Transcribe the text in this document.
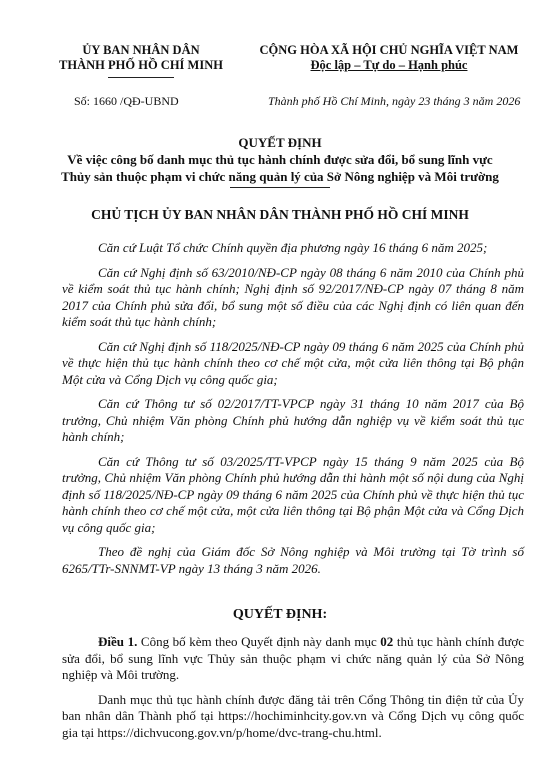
ỦY BAN NHÂN DÂN
THÀNH PHỐ HỒ CHÍ MINH
CỘNG HÒA XÃ HỘI CHỦ NGHĨA VIỆT NAM
Độc lập – Tự do – Hạnh phúc
Số: 1660 /QĐ-UBND	Thành phố Hồ Chí Minh, ngày 23 tháng 3 năm 2026
QUYẾT ĐỊNH
Về việc công bố danh mục thủ tục hành chính được sửa đổi, bổ sung lĩnh vực
Thủy sản thuộc phạm vi chức năng quản lý của Sở Nông nghiệp và Môi trường
CHỦ TỊCH ỦY BAN NHÂN DÂN THÀNH PHỐ HỒ CHÍ MINH

Căn cứ Luật Tổ chức Chính quyền địa phương ngày 16 tháng 6 năm 2025;

Căn cứ Nghị định số 63/2010/NĐ-CP ngày 08 tháng 6 năm 2010 của Chính phủ về kiểm soát thủ tục hành chính; Nghị định số 92/2017/NĐ-CP ngày 07 tháng 8 năm 2017 của Chính phủ sửa đổi, bổ sung một số điều của các Nghị định có liên quan đến kiểm soát thủ tục hành chính;

Căn cứ Nghị định số 118/2025/NĐ-CP ngày 09 tháng 6 năm 2025 của Chính phủ về thực hiện thủ tục hành chính theo cơ chế một cửa, một cửa liên thông tại Bộ phận Một cửa và Cổng Dịch vụ công quốc gia;

Căn cứ Thông tư số 02/2017/TT-VPCP ngày 31 tháng 10 năm 2017 của Bộ trưởng, Chủ nhiệm Văn phòng Chính phủ hướng dẫn nghiệp vụ về kiểm soát thủ tục hành chính;

Căn cứ Thông tư số 03/2025/TT-VPCP ngày 15 tháng 9 năm 2025 của Bộ trưởng, Chủ nhiệm Văn phòng Chính phủ hướng dẫn thi hành một số nội dung của Nghị định số 118/2025/NĐ-CP ngày 09 tháng 6 năm 2025 của Chính phủ về thực hiện thủ tục hành chính theo cơ chế một cửa, một cửa liên thông tại Bộ phận Một cửa và Cổng Dịch vụ công quốc gia;

Theo đề nghị của Giám đốc Sở Nông nghiệp và Môi trường tại Tờ trình số 6265/TTr-SNNMT-VP ngày 13 tháng 3 năm 2026.

QUYẾT ĐỊNH:

Điều 1. Công bố kèm theo Quyết định này danh mục 02 thủ tục hành chính được sửa đổi, bổ sung lĩnh vực Thủy sản thuộc phạm vi chức năng quản lý của Sở Nông nghiệp và Môi trường.

Danh mục thủ tục hành chính được đăng tải trên Cổng Thông tin điện tử của Ủy ban nhân dân Thành phố tại https://hochiminhcity.gov.vn và Cổng Dịch vụ công quốc gia tại https://dichvucong.gov.vn/p/home/dvc-trang-chu.html.
